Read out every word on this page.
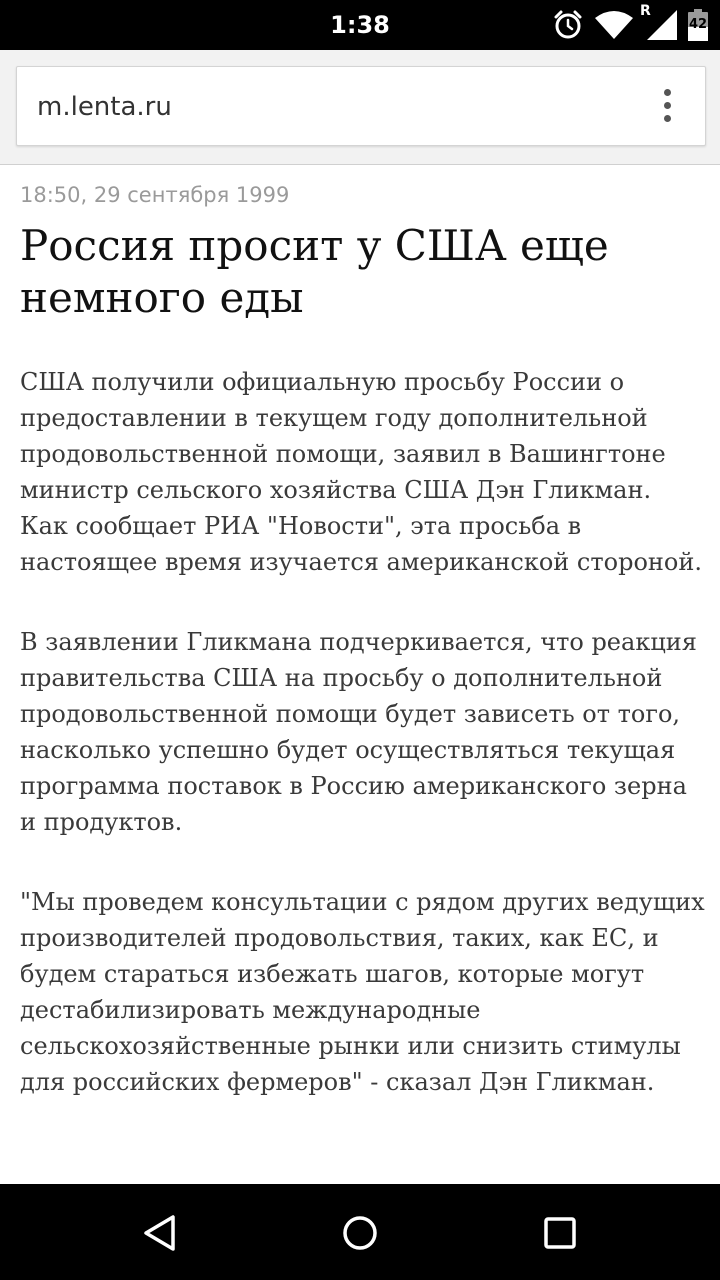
1:38	R
42
m.lenta.ru
18:50, 29 сентября 1999
Россия просит у США еще немного еды

США получили официальную просьбу России о предоставлении в текущем году дополнительной продовольственной помощи, заявил в Вашингтоне министр сельского хозяйства США Дэн Гликман. Как сообщает РИА "Новости", эта просьба в настоящее время изучается американской стороной.

В заявлении Гликмана подчеркивается, что реакция правительства США на просьбу о дополнительной продовольственной помощи будет зависеть от того, насколько успешно будет осуществляться текущая программа поставок в Россию американского зерна и продуктов.

"Мы проведем консультации с рядом других ведущих производителей продовольствия, таких, как ЕС, и будем стараться избежать шагов, которые могут дестабилизировать международные сельскохозяйственные рынки или снизить стимулы для российских фермеров" - сказал Дэн Гликман.
